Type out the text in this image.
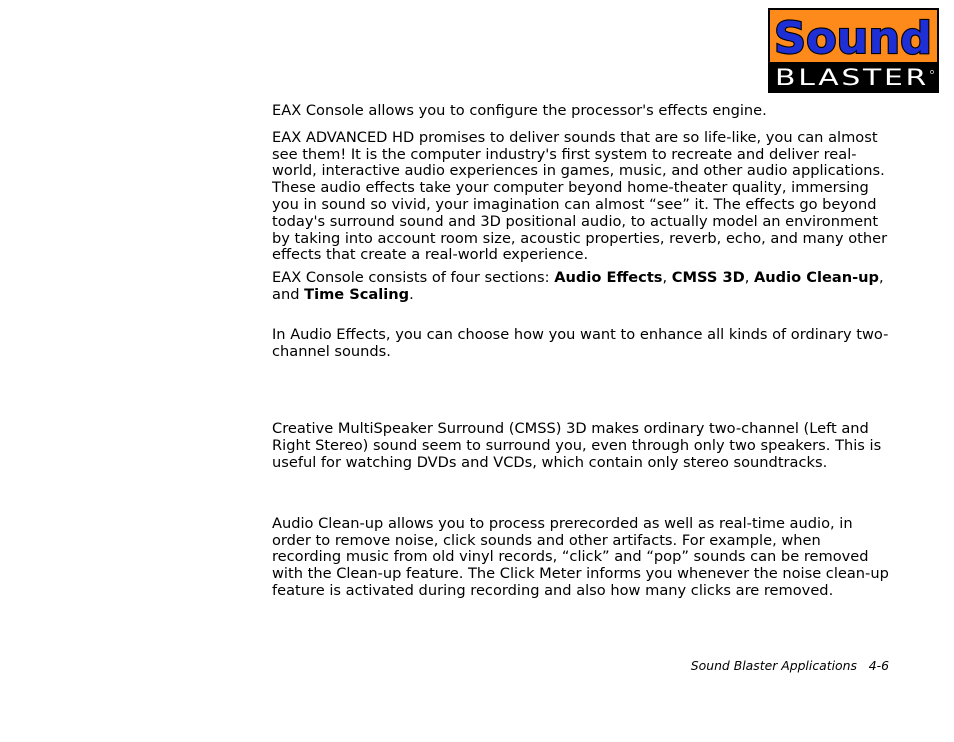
Sound
BLASTER

EAX Console allows you to configure the processor's effects engine.

EAX ADVANCED HD promises to deliver sounds that are so life-like, you can almost see them! It is the computer industry's first system to recreate and deliver real-world, interactive audio experiences in games, music, and other audio applications. These audio effects take your computer beyond home-theater quality, immersing you in sound so vivid, your imagination can almost “see” it. The effects go beyond today's surround sound and 3D positional audio, to actually model an environment by taking into account room size, acoustic properties, reverb, echo, and many other effects that create a real-world experience.

EAX Console consists of four sections: Audio Effects, CMSS 3D, Audio Clean-up, and Time Scaling.

In Audio Effects, you can choose how you want to enhance all kinds of ordinary two-channel sounds.

Creative MultiSpeaker Surround (CMSS) 3D makes ordinary two-channel (Left and Right Stereo) sound seem to surround you, even through only two speakers. This is useful for watching DVDs and VCDs, which contain only stereo soundtracks.

Audio Clean-up allows you to process prerecorded as well as real-time audio, in order to remove noise, click sounds and other artifacts. For example, when recording music from old vinyl records, “click” and “pop” sounds can be removed with the Clean-up feature. The Click Meter informs you whenever the noise clean-up feature is activated during recording and also how many clicks are removed.

Sound Blaster Applications 4-6
